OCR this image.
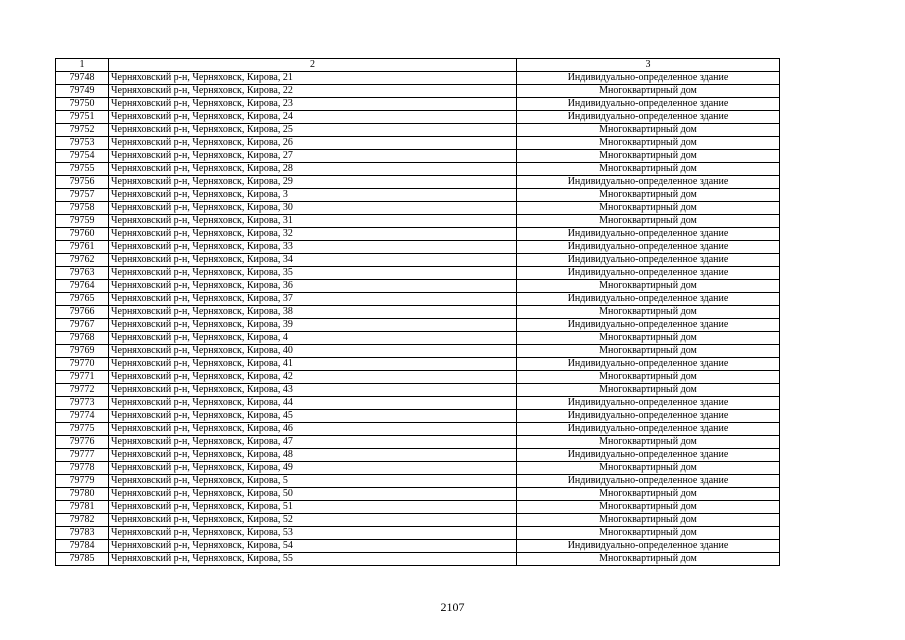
1	2	3
79748	Черняховский р-н, Черняховск, Кирова, 21	Индивидуально-определенное здание
79749	Черняховский р-н, Черняховск, Кирова, 22	Многоквартирный дом
79750	Черняховский р-н, Черняховск, Кирова, 23	Индивидуально-определенное здание
79751	Черняховский р-н, Черняховск, Кирова, 24	Индивидуально-определенное здание
79752	Черняховский р-н, Черняховск, Кирова, 25	Многоквартирный дом
79753	Черняховский р-н, Черняховск, Кирова, 26	Многоквартирный дом
79754	Черняховский р-н, Черняховск, Кирова, 27	Многоквартирный дом
79755	Черняховский р-н, Черняховск, Кирова, 28	Многоквартирный дом
79756	Черняховский р-н, Черняховск, Кирова, 29	Индивидуально-определенное здание
79757	Черняховский р-н, Черняховск, Кирова, 3	Многоквартирный дом
79758	Черняховский р-н, Черняховск, Кирова, 30	Многоквартирный дом
79759	Черняховский р-н, Черняховск, Кирова, 31	Многоквартирный дом
79760	Черняховский р-н, Черняховск, Кирова, 32	Индивидуально-определенное здание
79761	Черняховский р-н, Черняховск, Кирова, 33	Индивидуально-определенное здание
79762	Черняховский р-н, Черняховск, Кирова, 34	Индивидуально-определенное здание
79763	Черняховский р-н, Черняховск, Кирова, 35	Индивидуально-определенное здание
79764	Черняховский р-н, Черняховск, Кирова, 36	Многоквартирный дом
79765	Черняховский р-н, Черняховск, Кирова, 37	Индивидуально-определенное здание
79766	Черняховский р-н, Черняховск, Кирова, 38	Многоквартирный дом
79767	Черняховский р-н, Черняховск, Кирова, 39	Индивидуально-определенное здание
79768	Черняховский р-н, Черняховск, Кирова, 4	Многоквартирный дом
79769	Черняховский р-н, Черняховск, Кирова, 40	Многоквартирный дом
79770	Черняховский р-н, Черняховск, Кирова, 41	Индивидуально-определенное здание
79771	Черняховский р-н, Черняховск, Кирова, 42	Многоквартирный дом
79772	Черняховский р-н, Черняховск, Кирова, 43	Многоквартирный дом
79773	Черняховский р-н, Черняховск, Кирова, 44	Индивидуально-определенное здание
79774	Черняховский р-н, Черняховск, Кирова, 45	Индивидуально-определенное здание
79775	Черняховский р-н, Черняховск, Кирова, 46	Индивидуально-определенное здание
79776	Черняховский р-н, Черняховск, Кирова, 47	Многоквартирный дом
79777	Черняховский р-н, Черняховск, Кирова, 48	Индивидуально-определенное здание
79778	Черняховский р-н, Черняховск, Кирова, 49	Многоквартирный дом
79779	Черняховский р-н, Черняховск, Кирова, 5	Индивидуально-определенное здание
79780	Черняховский р-н, Черняховск, Кирова, 50	Многоквартирный дом
79781	Черняховский р-н, Черняховск, Кирова, 51	Многоквартирный дом
79782	Черняховский р-н, Черняховск, Кирова, 52	Многоквартирный дом
79783	Черняховский р-н, Черняховск, Кирова, 53	Многоквартирный дом
79784	Черняховский р-н, Черняховск, Кирова, 54	Индивидуально-определенное здание
79785	Черняховский р-н, Черняховск, Кирова, 55	Многоквартирный дом
2107
